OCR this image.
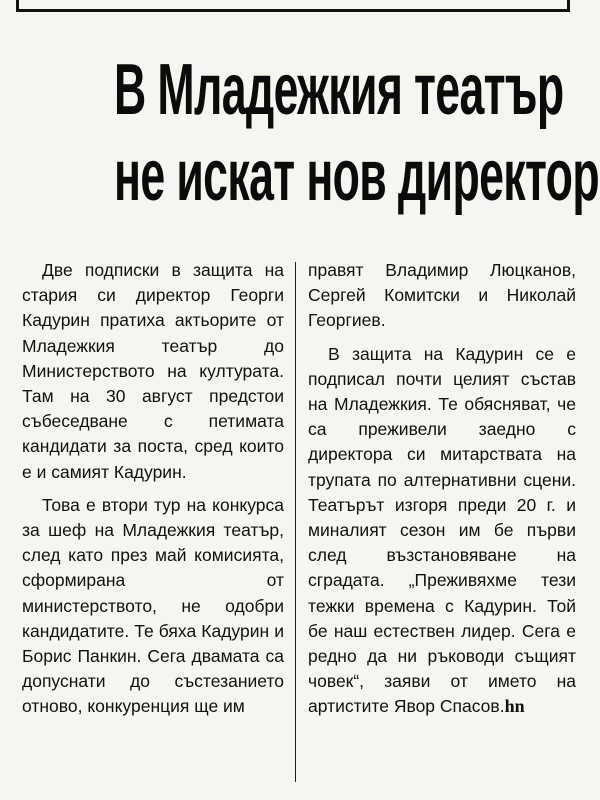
В Младежкия театър
не искат нов директор

Две подписки в защита на стария си директор Георги Кадурин пратиха актьорите от Младежкия театър до Министерството на културата. Там на 30 август предстои събеседване с петимата кандидати за поста, сред които е и самият Кадурин.

Това е втори тур на конкурса за шеф на Младежкия театър, след като през май комисията, сформирана от министерството, не одобри кандидатите. Те бяха Кадурин и Борис Панкин. Сега двамата са допуснати до състезанието отново, конкуренция ще им

правят Владимир Люцканов, Сергей Комитски и Николай Георгиев.

В защита на Кадурин се е подписал почти целият състав на Младежкия. Те обясняват, че са преживели заедно с директора си митарствата на трупата по алтернативни сцени. Театърът изгоря преди 20 г. и миналият сезон им бе първи след възстановяване на сградата. „Преживяхме тези тежки времена с Кадурин. Той бе наш естествен лидер. Сега е редно да ни ръководи същият човек“, заяви от името на артистите Явор Спасов.hn
